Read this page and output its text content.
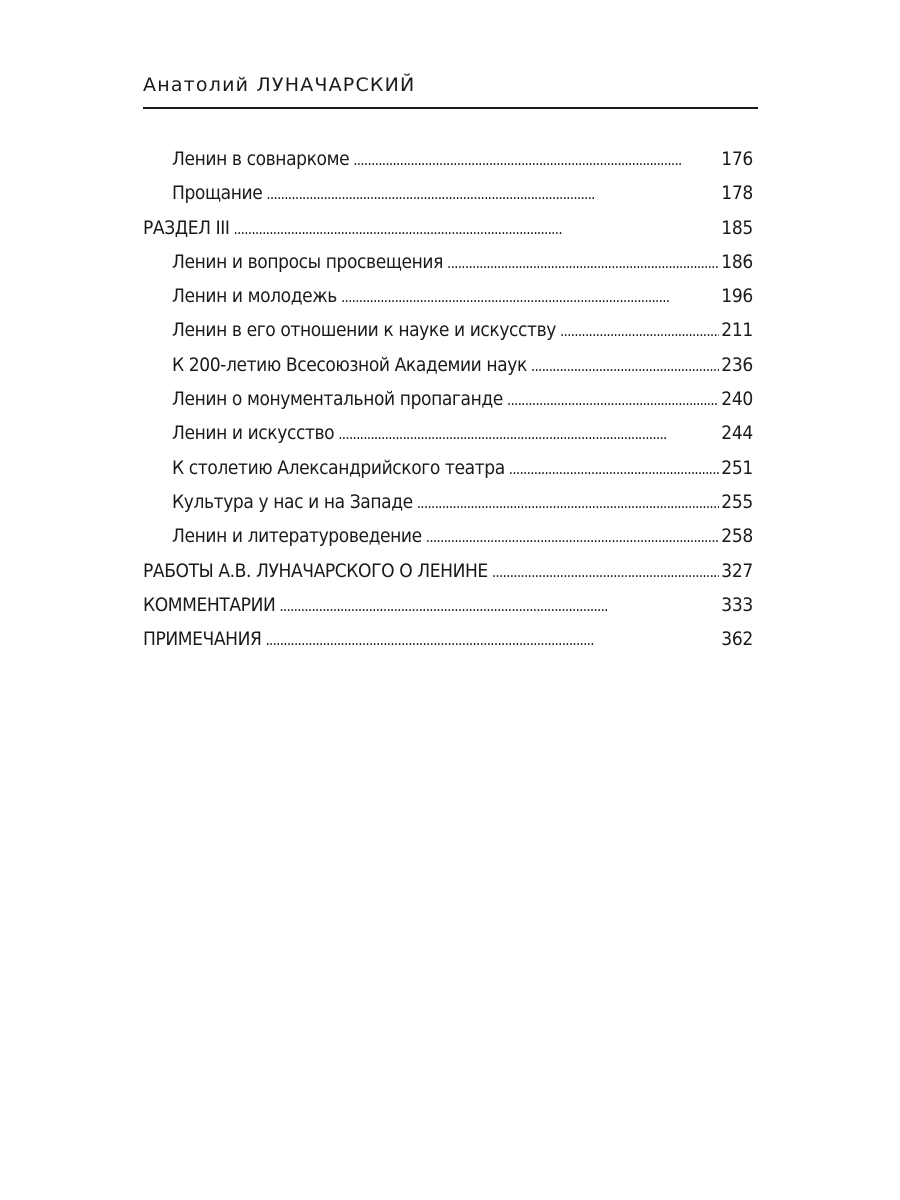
Анатолий ЛУНАЧАРСКИЙ
Ленин в совнаркоме . . .	176
Прощание . . .	178
РАЗДЕЛ III . . .	185
Ленин и вопросы просвещения . . .	186
Ленин и молодежь . . .	196
Ленин в его отношении к науке и искусству . . .	211
К 200-летию Всесоюзной Академии наук . . .	236
Ленин о монументальной пропаганде . . .	240
Ленин и искусство . . .	244
К столетию Александрийского театра . . .	251
Культура у нас и на Западе . . .	255
Ленин и литературоведение . . .	258
РАБОТЫ А.В. ЛУНАЧАРСКОГО О ЛЕНИНЕ . . .	327
КОММЕНТАРИИ . . .	333
ПРИМЕЧАНИЯ . . .	362
